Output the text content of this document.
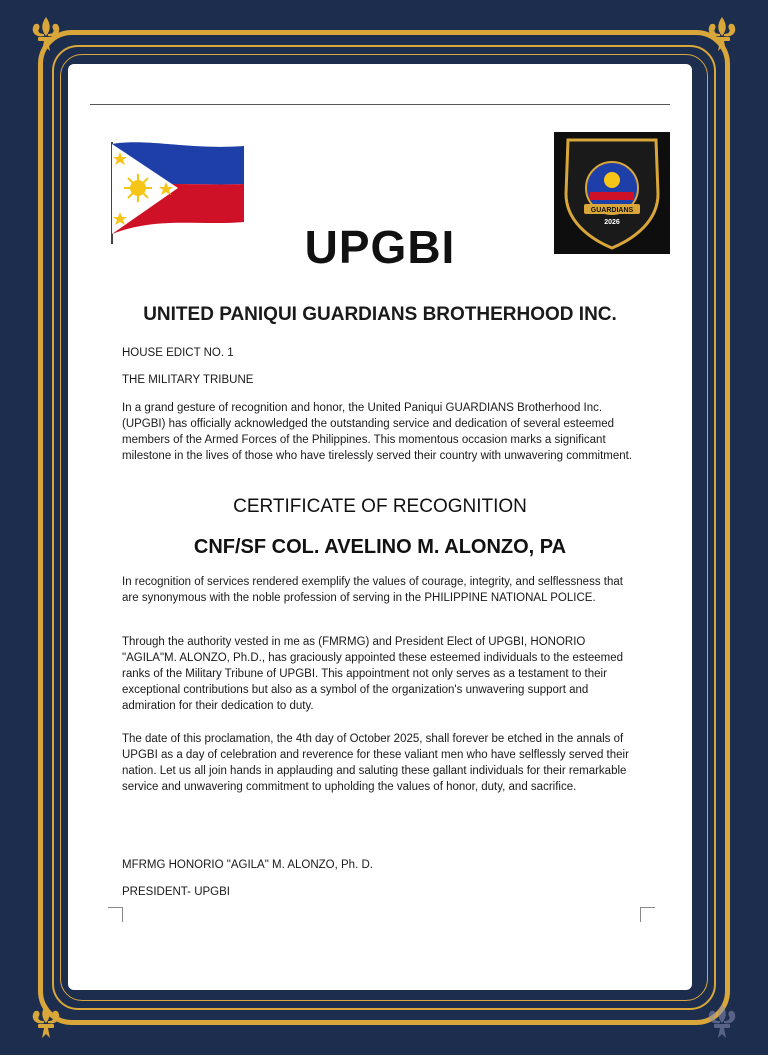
GUARDIANS
2026
UPGBI
UNITED PANIQUI GUARDIANS BROTHERHOOD INC.
HOUSE EDICT NO. 1
THE MILITARY TRIBUNE
In a grand gesture of recognition and honor, the United Paniqui GUARDIANS Brotherhood Inc. (UPGBI) has officially acknowledged the outstanding service and dedication of several esteemed members of the Armed Forces of the Philippines. This momentous occasion marks a significant milestone in the lives of those who have tirelessly served their country with unwavering commitment.
CERTIFICATE OF RECOGNITION
CNF/SF COL. AVELINO M. ALONZO, PA
In recognition of services rendered exemplify the values of courage, integrity, and selflessness that are synonymous with the noble profession of serving in the PHILIPPINE NATIONAL POLICE.
Through the authority vested in me as (FMRMG) and President Elect of UPGBI, HONORIO "AGILA"M. ALONZO, Ph.D., has graciously appointed these esteemed individuals to the esteemed ranks of the Military Tribune of UPGBI. This appointment not only serves as a testament to their exceptional contributions but also as a symbol of the organization's unwavering support and admiration for their dedication to duty.
The date of this proclamation, the 4th day of October 2025, shall forever be etched in the annals of UPGBI as a day of celebration and reverence for these valiant men who have selflessly served their nation. Let us all join hands in applauding and saluting these gallant individuals for their remarkable service and unwavering commitment to upholding the values of honor, duty, and sacrifice.
MFRMG HONORIO "AGILA" M. ALONZO, Ph. D.
PRESIDENT- UPGBI
